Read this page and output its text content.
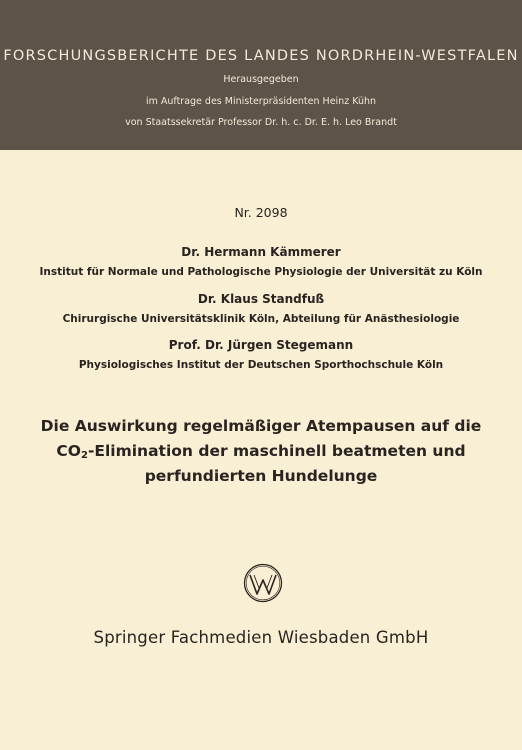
FORSCHUNGSBERICHTE DES LANDES NORDRHEIN-WESTFALEN
Herausgegeben
im Auftrage des Ministerpräsidenten Heinz Kühn
von Staatssekretär Professor Dr. h. c. Dr. E. h. Leo Brandt
Nr. 2098
Dr. Hermann Kämmerer
Institut für Normale und Pathologische Physiologie der Universität zu Köln
Dr. Klaus Standfuß
Chirurgische Universitätsklinik Köln, Abteilung für Anästhesiologie
Prof. Dr. Jürgen Stegemann
Physiologisches Institut der Deutschen Sporthochschule Köln
Die Auswirkung regelmäßiger Atempausen auf die
$CO_2$-Elimination der maschinell beatmeten und
perfundierten Hundelunge
Springer Fachmedien Wiesbaden GmbH
